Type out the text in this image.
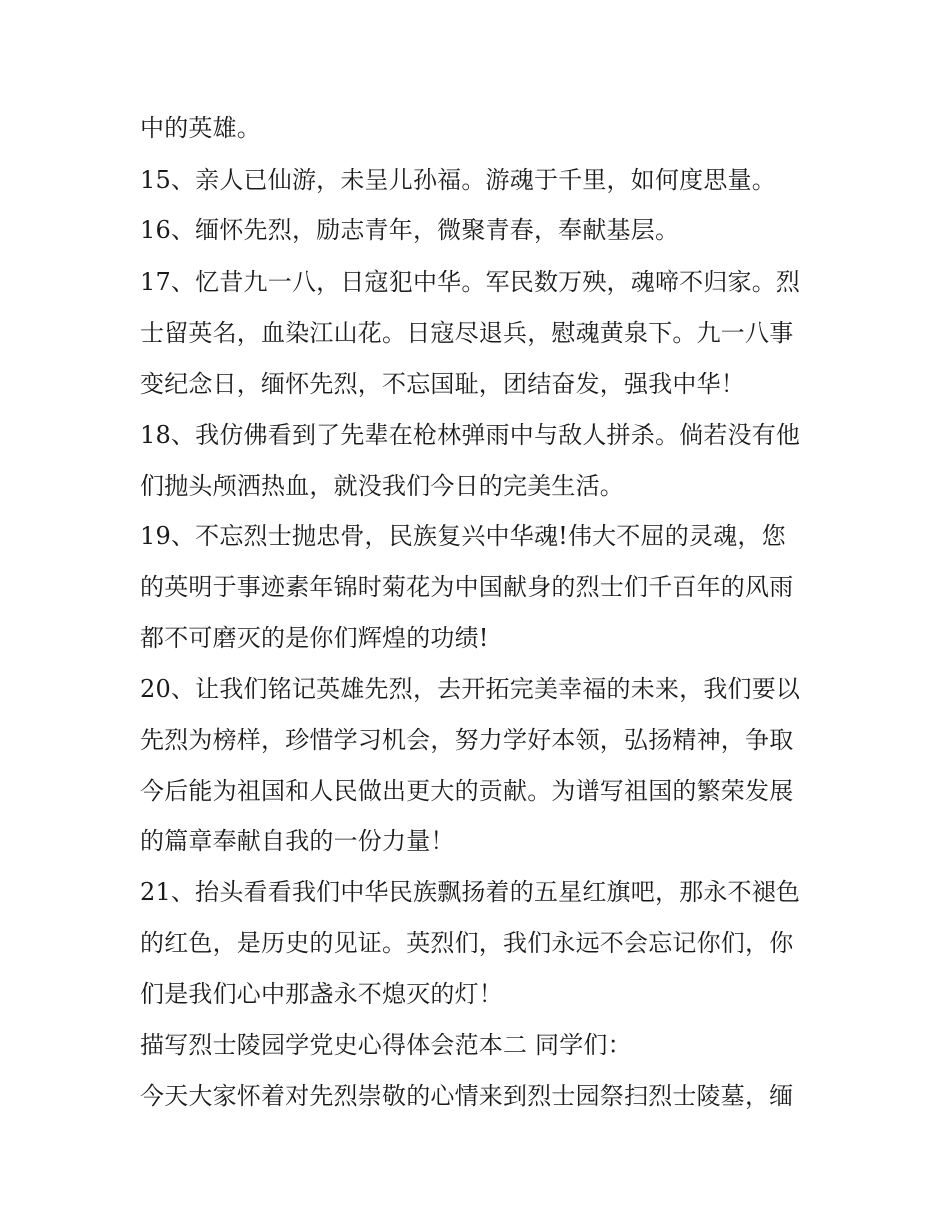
中的英雄。
15、亲人已仙游，未呈儿孙福。游魂于千里，如何度思量。
16、缅怀先烈，励志青年，微聚青春，奉献基层。
17、忆昔九一八，日寇犯中华。军民数万殃，魂啼不归家。烈
士留英名，血染江山花。日寇尽退兵，慰魂黄泉下。九一八事
变纪念日，缅怀先烈，不忘国耻，团结奋发，强我中华！
18、我仿佛看到了先辈在枪林弹雨中与敌人拼杀。倘若没有他
们抛头颅洒热血，就没我们今日的完美生活。
19、不忘烈士抛忠骨，民族复兴中华魂!伟大不屈的灵魂，您
的英明于事迹素年锦时菊花为中国献身的烈士们千百年的风雨
都不可磨灭的是你们辉煌的功绩!
20、让我们铭记英雄先烈，去开拓完美幸福的未来，我们要以
先烈为榜样，珍惜学习机会，努力学好本领，弘扬精神，争取
今后能为祖国和人民做出更大的贡献。为谱写祖国的繁荣发展
的篇章奉献自我的一份力量！
21、抬头看看我们中华民族飘扬着的五星红旗吧，那永不褪色
的红色，是历史的见证。英烈们，我们永远不会忘记你们，你
们是我们心中那盏永不熄灭的灯！
描写烈士陵园学党史心得体会范本二 同学们：
今天大家怀着对先烈崇敬的心情来到烈士园祭扫烈士陵墓，缅
